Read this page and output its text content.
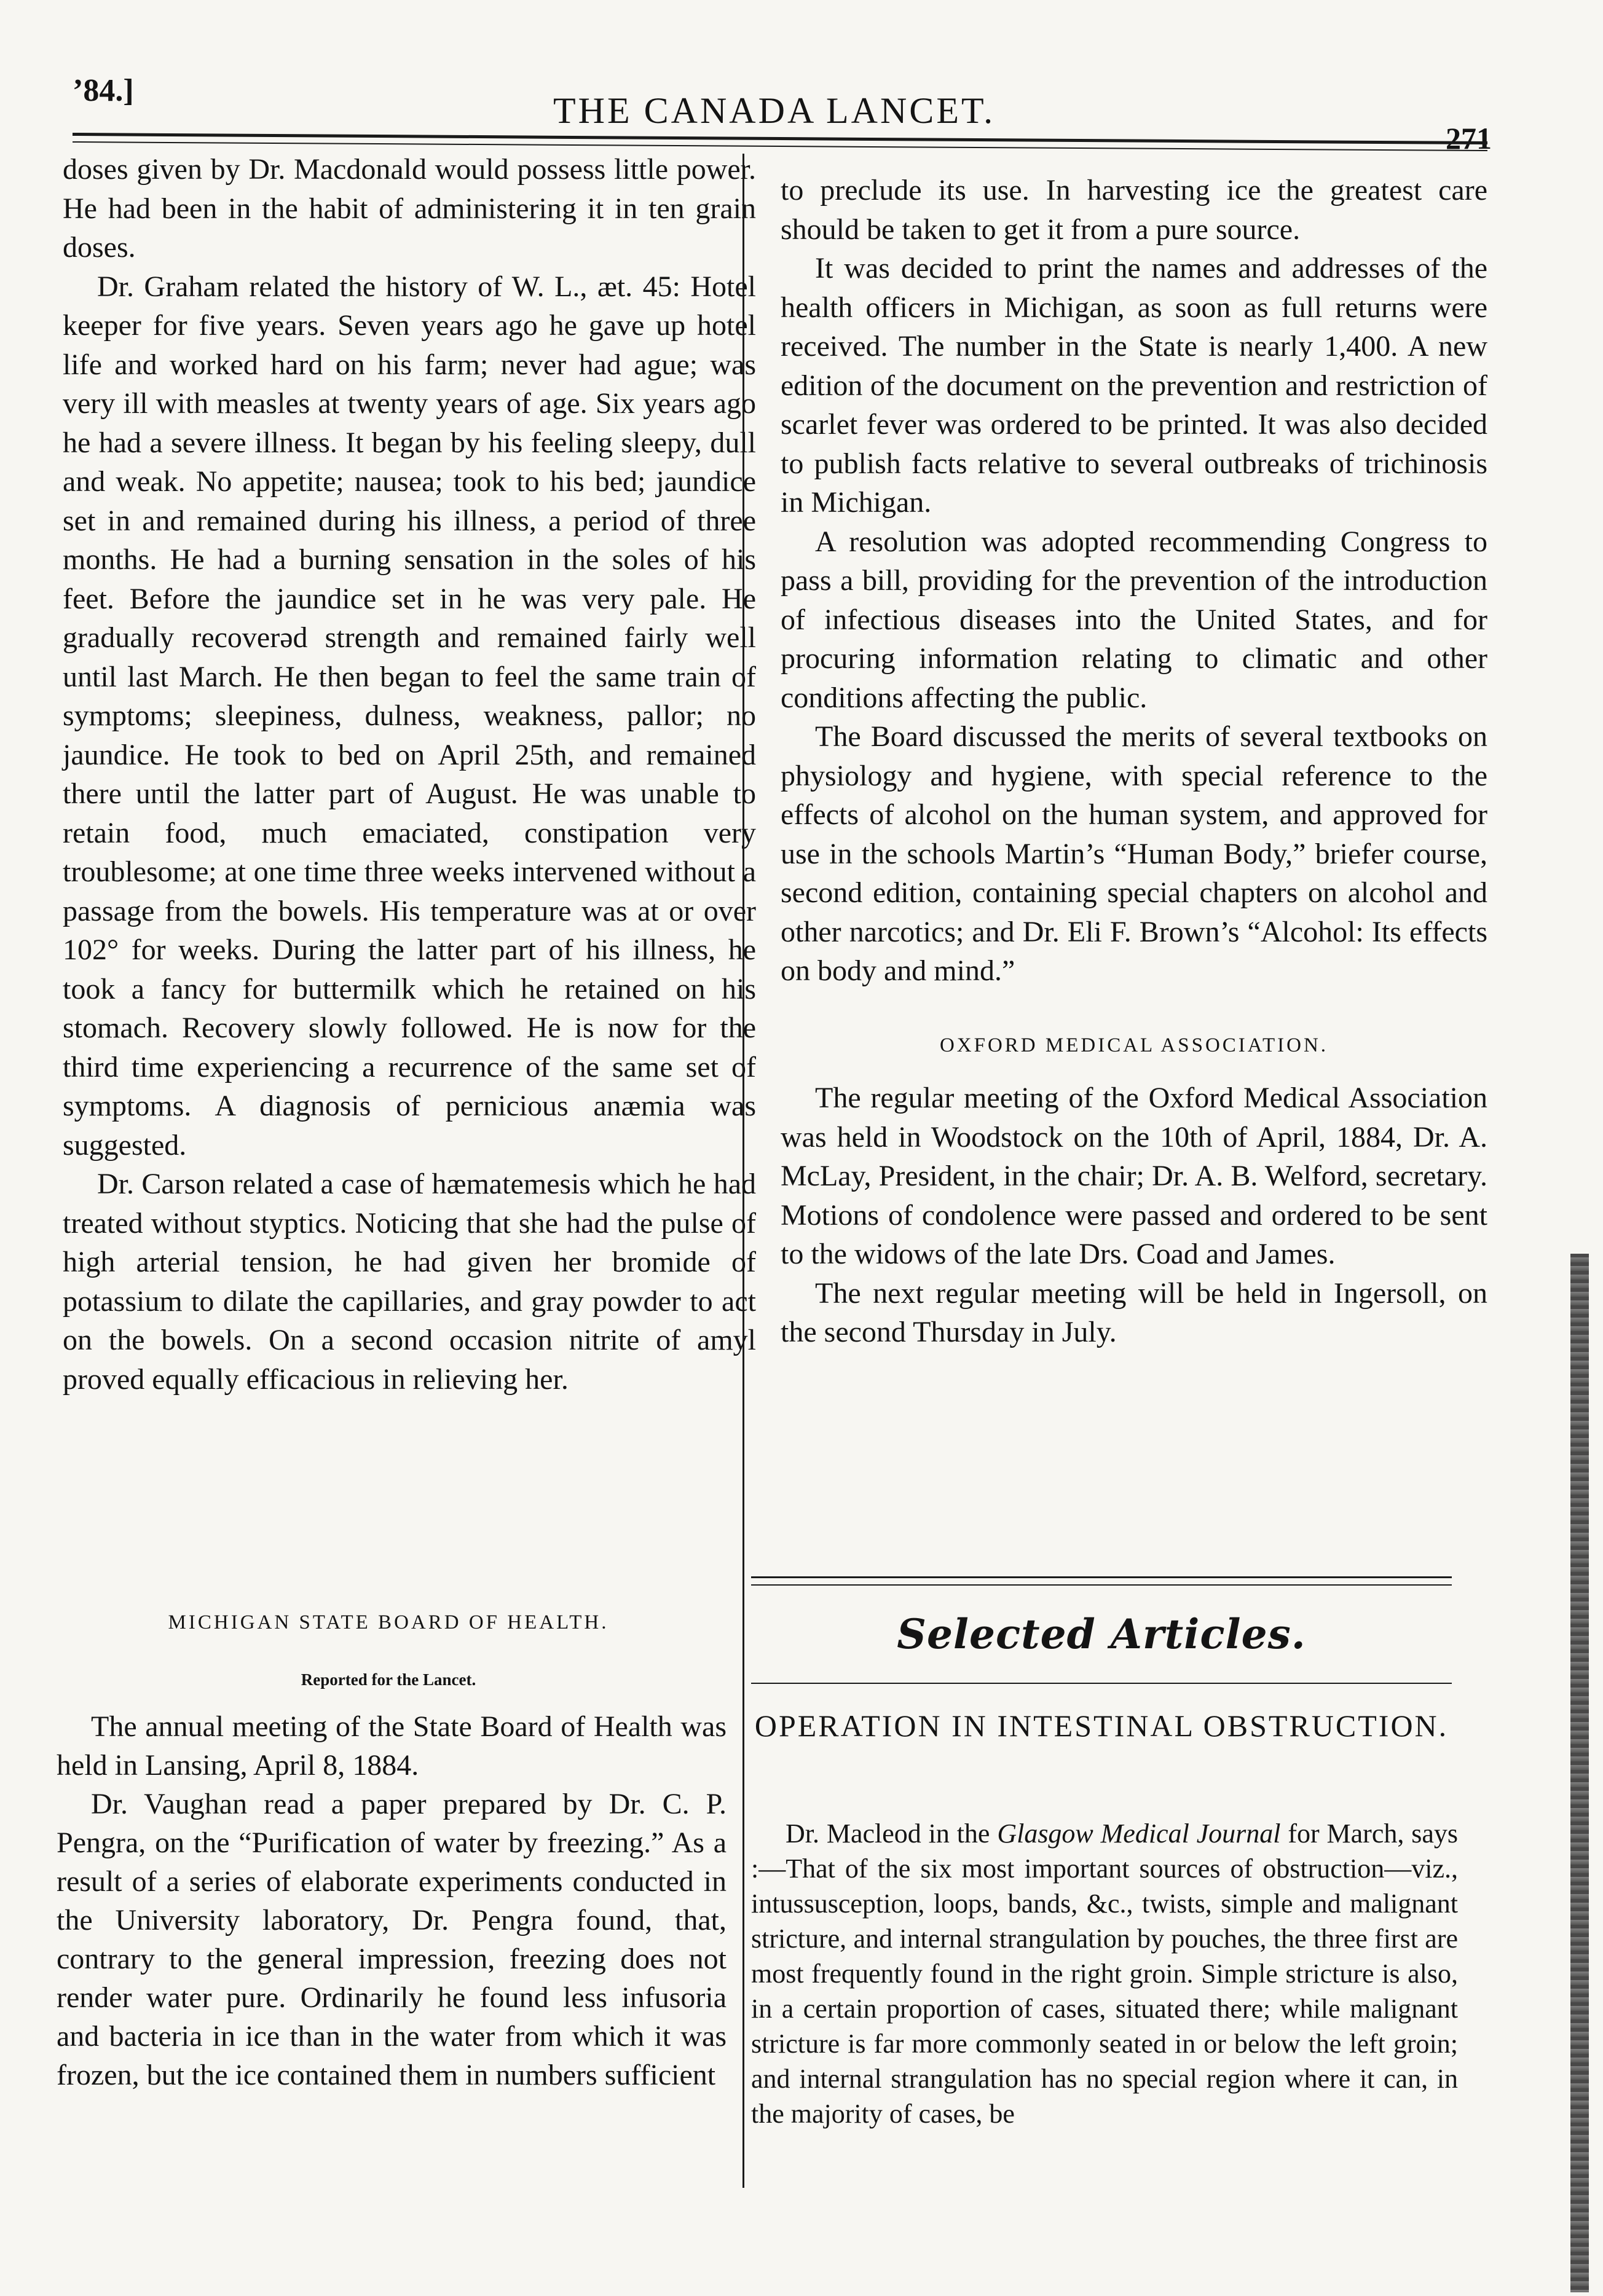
’84.]	THE CANADA LANCET.
271

doses given by Dr. Macdonald would possess little power. He had been in the habit of administering it in ten grain doses.

Dr. Graham related the history of W. L., æt. 45: Hotel keeper for five years. Seven years ago he gave up hotel life and worked hard on his farm; never had ague; was very ill with measles at twenty years of age. Six years ago he had a severe illness. It began by his feeling sleepy, dull and weak. No appetite; nausea; took to his bed; jaundice set in and remained during his illness, a period of three months. He had a burning sensation in the soles of his feet. Before the jaundice set in he was very pale. He gradually recoverəd strength and remained fairly well until last March. He then began to feel the same train of symptoms; sleepiness, dulness, weakness, pallor; no jaundice. He took to bed on April 25th, and remained there until the latter part of August. He was unable to retain food, much emaciated, constipation very troublesome; at one time three weeks intervened without a passage from the bowels. His temperature was at or over 102° for weeks. During the latter part of his illness, he took a fancy for buttermilk which he retained on his stomach. Recovery slowly followed. He is now for the third time experiencing a recurrence of the same set of symptoms. A diagnosis of pernicious anæmia was suggested.

Dr. Carson related a case of hæmatemesis which he had treated without styptics. Noticing that she had the pulse of high arterial tension, he had given her bromide of potassium to dilate the capillaries, and gray powder to act on the bowels. On a second occasion nitrite of amyl proved equally efficacious in relieving her.

MICHIGAN STATE BOARD OF HEALTH.
Reported for the Lancet.

The annual meeting of the State Board of Health was held in Lansing, April 8, 1884.

Dr. Vaughan read a paper prepared by Dr. C. P. Pengra, on the “Purification of water by freezing.” As a result of a series of elaborate experiments conducted in the University laboratory, Dr. Pengra found, that, contrary to the general impression, freezing does not render water pure. Ordinarily he found less infusoria and bacteria in ice than in the water from which it was frozen, but the ice contained them in numbers sufficient

to preclude its use. In harvesting ice the greatest care should be taken to get it from a pure source.

It was decided to print the names and addresses of the health officers in Michigan, as soon as full returns were received. The number in the State is nearly 1,400. A new edition of the document on the prevention and restriction of scarlet fever was ordered to be printed. It was also decided to publish facts relative to several outbreaks of trichinosis in Michigan.

A resolution was adopted recommending Congress to pass a bill, providing for the prevention of the introduction of infectious diseases into the United States, and for procuring information relating to climatic and other conditions affecting the public.

The Board discussed the merits of several textbooks on physiology and hygiene, with special reference to the effects of alcohol on the human system, and approved for use in the schools Martin’s “Human Body,” briefer course, second edition, containing special chapters on alcohol and other narcotics; and Dr. Eli F. Brown’s “Alcohol: Its effects on body and mind.”

OXFORD MEDICAL ASSOCIATION.

The regular meeting of the Oxford Medical Association was held in Woodstock on the 10th of April, 1884, Dr. A. McLay, President, in the chair; Dr. A. B. Welford, secretary. Motions of condolence were passed and ordered to be sent to the widows of the late Drs. Coad and James.

The next regular meeting will be held in Ingersoll, on the second Thursday in July.

Selected Articles.
OPERATION IN INTESTINAL OBSTRUCTION.

Dr. Macleod in the Glasgow Medical Journal for March, says :—That of the six most important sources of obstruction—viz., intussusception, loops, bands, &c., twists, simple and malignant stricture, and internal strangulation by pouches, the three first are most frequently found in the right groin. Simple stricture is also, in a certain proportion of cases, situated there; while malignant stricture is far more commonly seated in or below the left groin; and internal strangulation has no special region where it can, in the majority of cases, be
